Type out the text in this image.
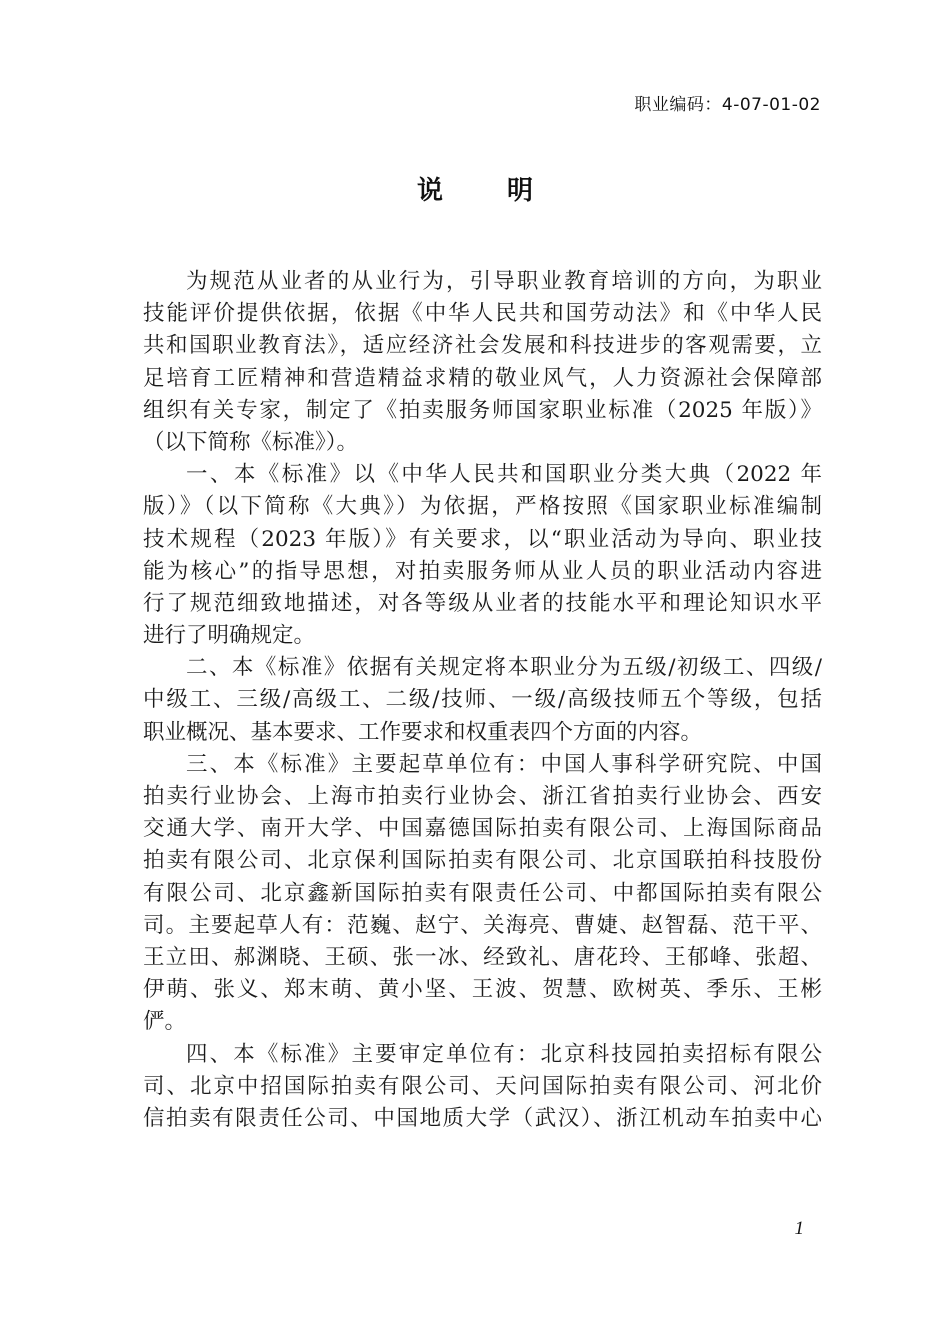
职业编码：4-07-01-02
说 明
为规范从业者的从业行为，引导职业教育培训的方向，为职业
技能评价提供依据，依据《中华人民共和国劳动法》和《中华人民
共和国职业教育法》，适应经济社会发展和科技进步的客观需要，立
足培育工匠精神和营造精益求精的敬业风气，人力资源社会保障部
组织有关专家，制定了《拍卖服务师国家职业标准（2025 年版）》
（以下简称《标准》）。
一、本《标准》以《中华人民共和国职业分类大典（2022 年
版）》（以下简称《大典》）为依据，严格按照《国家职业标准编制
技术规程（2023 年版）》有关要求，以“职业活动为导向、职业技
能为核心”的指导思想，对拍卖服务师从业人员的职业活动内容进
行了规范细致地描述，对各等级从业者的技能水平和理论知识水平
进行了明确规定。
二、本《标准》依据有关规定将本职业分为五级/初级工、四级/
中级工、三级/高级工、二级/技师、一级/高级技师五个等级，包括
职业概况、基本要求、工作要求和权重表四个方面的内容。
三、本《标准》主要起草单位有：中国人事科学研究院、中国
拍卖行业协会、上海市拍卖行业协会、浙江省拍卖行业协会、西安
交通大学、南开大学、中国嘉德国际拍卖有限公司、上海国际商品
拍卖有限公司、北京保利国际拍卖有限公司、北京国联拍科技股份
有限公司、北京鑫新国际拍卖有限责任公司、中都国际拍卖有限公
司。主要起草人有：范巍、赵宁、关海亮、曹婕、赵智磊、范干平、
王立田、郝渊晓、王硕、张一冰、经致礼、唐花玲、王郁峰、张超、
伊萌、张义、郑末萌、黄小坚、王波、贺慧、欧树英、季乐、王彬
俨。
四、本《标准》主要审定单位有：北京科技园拍卖招标有限公
司、北京中招国际拍卖有限公司、天问国际拍卖有限公司、河北价
信拍卖有限责任公司、中国地质大学（武汉）、浙江机动车拍卖中心
1
